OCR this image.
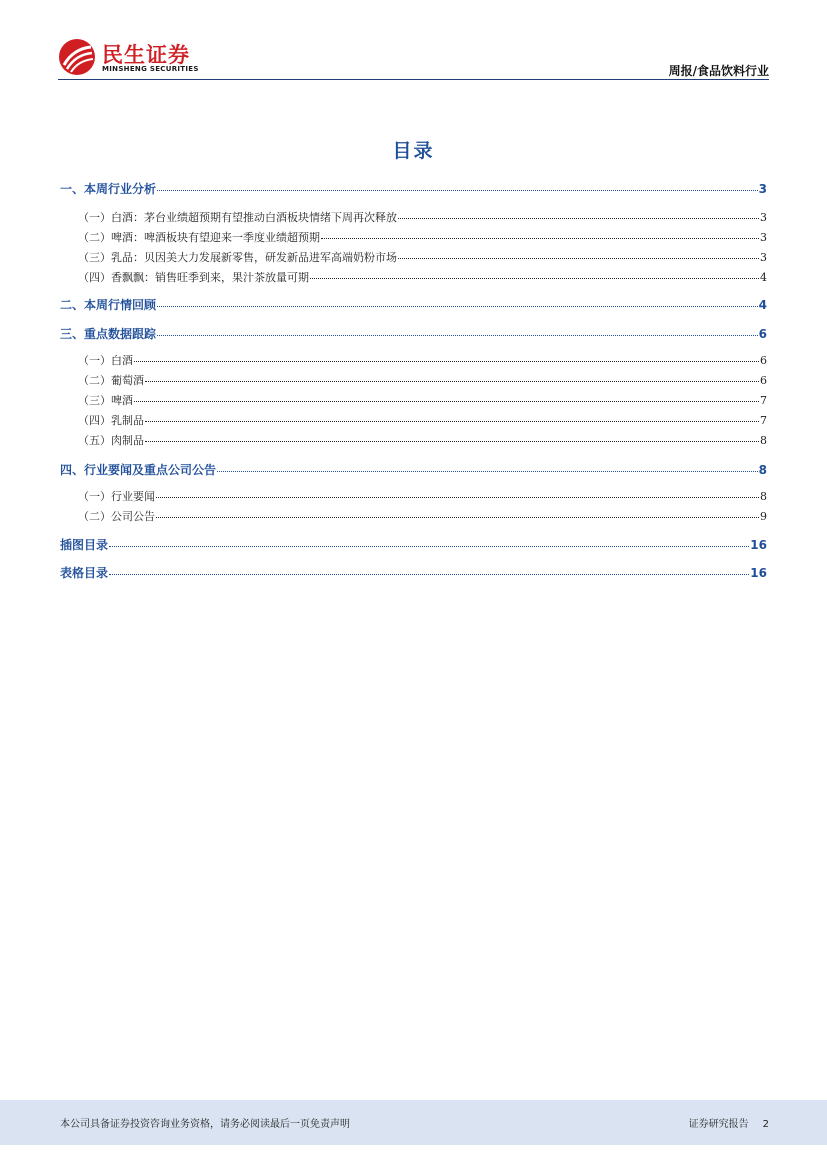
民生证券
MINSHENG SECURITIES	周报/食品饮料行业
目录
一、本周行业分析	3
（一）白酒：茅台业绩超预期有望推动白酒板块情绪下周再次释放	3
（二）啤酒：啤酒板块有望迎来一季度业绩超预期	3
（三）乳品：贝因美大力发展新零售，研发新品进军高端奶粉市场	3
（四）香飘飘：销售旺季到来，果汁茶放量可期	4
二、本周行情回顾	4
三、重点数据跟踪	6
（一）白酒	6
（二）葡萄酒	6
（三）啤酒	7
（四）乳制品	7
（五）肉制品	8
四、行业要闻及重点公司公告	8
（一）行业要闻	8
（二）公司公告	9
插图目录	16
表格目录	16
本公司具备证券投资咨询业务资格，请务必阅读最后一页免责声明	证券研究报告 2
